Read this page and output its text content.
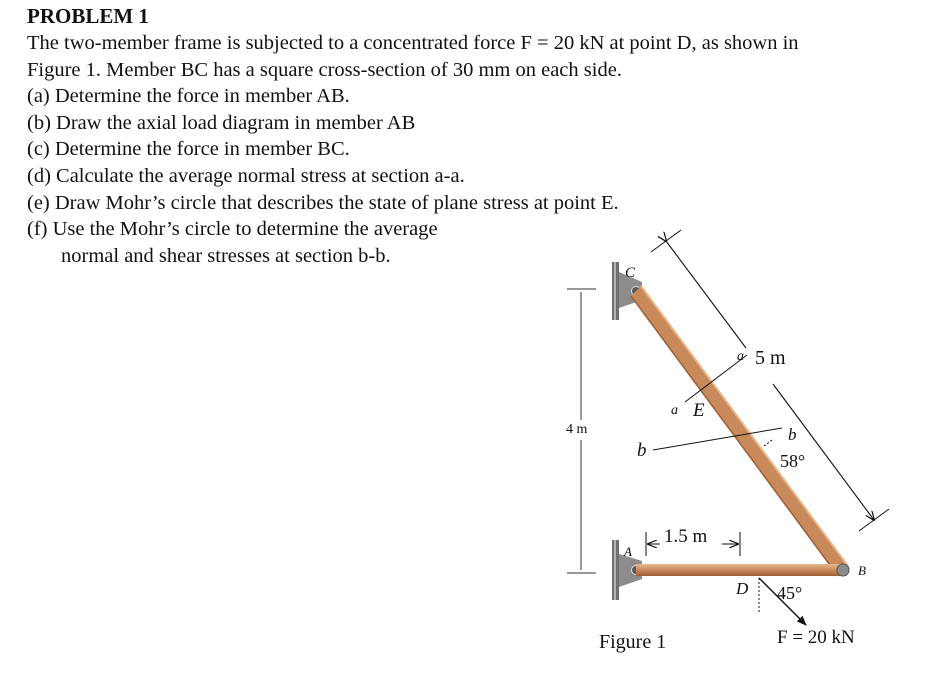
PROBLEM 1
The two-member frame is subjected to a concentrated force F = 20 kN at point D, as shown in
Figure 1. Member BC has a square cross-section of 30 mm on each side.
(a) Determine the force in member AB.
(b) Draw the axial load diagram in member AB
(c) Determine the force in member BC.
(d) Calculate the average normal stress at section a-a.
(e) Draw Mohr’s circle that describes the state of plane stress at point E.
(f) Use the Mohr’s circle to determine the average
normal and shear stresses at section b-b.
4 m
5 m
a
a
E
b
b
58°
1.5 m
C
A
B
D 45°
F = 20 kN
Figure 1
